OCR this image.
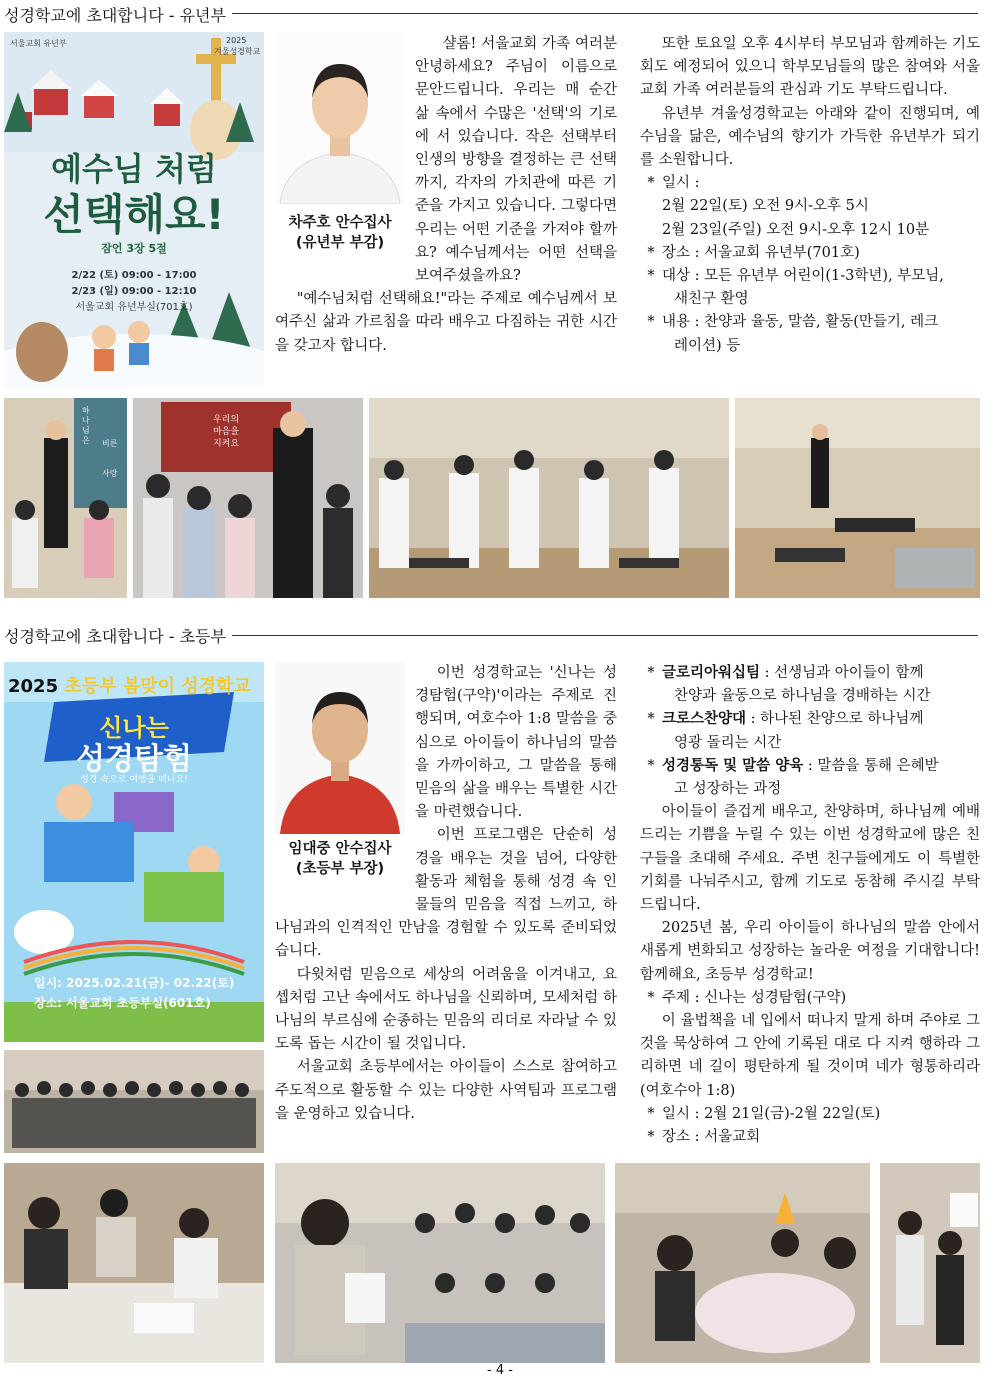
성경학교에 초대합니다 - 유년부
서울교회 유년부	2025
겨울성경학교
예수님 처럼
선택해요!
잠언 3장 5절
2/22 (토) 09:00 - 17:00
2/23 (일) 09:00 - 12:10
서울교회 유년부실(701호)
차주호 안수집사
(유년부 부감)

샬롬! 서울교회 가족 여러분 안녕하세요? 주님이 이름으로 문안드립니다. 우리는 매 순간 삶 속에서 수많은 '선택'의 기로에 서 있습니다. 작은 선택부터 인생의 방향을 결정하는 큰 선택까지, 각자의 가치관에 따른 기준을 가지고 있습니다. 그렇다면 우리는 어떤 기준을 가져야 할까요? 예수님께서는 어떤 선택을 보여주셨을까요?

"예수님처럼 선택해요!"라는 주제로 예수님께서 보여주신 삶과 가르침을 따라 배우고 다짐하는 귀한 시간을 갖고자 합니다.

또한 토요일 오후 4시부터 부모님과 함께하는 기도회도 예정되어 있으니 학부모님들의 많은 참여와 서울교회 가족 여러분들의 관심과 기도 부탁드립니다.

유년부 겨울성경학교는 아래와 같이 진행되며, 예수님을 닮은, 예수님의 향기가 가득한 유년부가 되기를 소원합니다.

* 일시 :
2월 22일(토) 오전 9시-오후 5시
2월 23일(주일) 오전 9시-오후 12시 10분
* 장소 : 서울교회 유년부(701호)
* 대상 : 모든 유년부 어린이(1-3학년), 부모님,
새친구 환영
* 내용 : 찬양과 율동, 말씀, 활동(만들기, 레크
레이션) 등
하나님은	비른
사랑
우리의
마음을
지켜요
성경학교에 초대합니다 - 초등부
2025 초등부 봄맞이 성경학교
신나는
성경탐험
성경 속으로 여행을 떠나요!
일시: 2025.02.21(금)- 02.22(토)
장소: 서울교회 초등부실(601호)
임대중 안수집사
(초등부 부장)

이번 성경학교는 '신나는 성경탐험(구약)'이라는 주제로 진행되며, 여호수아 1:8 말씀을 중심으로 아이들이 하나님의 말씀을 가까이하고, 그 말씀을 통해 믿음의 삶을 배우는 특별한 시간을 마련했습니다.

이번 프로그램은 단순히 성경을 배우는 것을 넘어, 다양한 활동과 체험을 통해 성경 속 인물들의 믿음을 직접 느끼고, 하나님과의 인격적인 만남을 경험할 수 있도록 준비되었습니다.

다윗처럼 믿음으로 세상의 어려움을 이겨내고, 요셉처럼 고난 속에서도 하나님을 신뢰하며, 모세처럼 하나님의 부르심에 순종하는 믿음의 리더로 자라날 수 있도록 돕는 시간이 될 것입니다.

서울교회 초등부에서는 아이들이 스스로 참여하고 주도적으로 활동할 수 있는 다양한 사역팀과 프로그램을 운영하고 있습니다.

* 글로리아워십팀 : 선생님과 아이들이 함께
찬양과 율동으로 하나님을 경배하는 시간
* 크로스찬양대 : 하나된 찬양으로 하나님께
영광 돌리는 시간
* 성경통독 및 말씀 양육 : 말씀을 통해 은혜받
고 성장하는 과정

아이들이 즐겁게 배우고, 찬양하며, 하나님께 예배드리는 기쁨을 누릴 수 있는 이번 성경학교에 많은 친구들을 초대해 주세요. 주변 친구들에게도 이 특별한 기회를 나눠주시고, 함께 기도로 동참해 주시길 부탁드립니다.

2025년 봄, 우리 아이들이 하나님의 말씀 안에서 새롭게 변화되고 성장하는 놀라운 여정을 기대합니다! 함께해요, 초등부 성경학교!

* 주제 : 신나는 성경탐험(구약)

이 율법책을 네 입에서 떠나지 말게 하며 주야로 그것을 묵상하여 그 안에 기록된 대로 다 지켜 행하라 그리하면 네 길이 평탄하게 될 것이며 네가 형통하리라(여호수아 1:8)

* 일시 : 2월 21일(금)-2월 22일(토)
* 장소 : 서울교회
- 4 -
